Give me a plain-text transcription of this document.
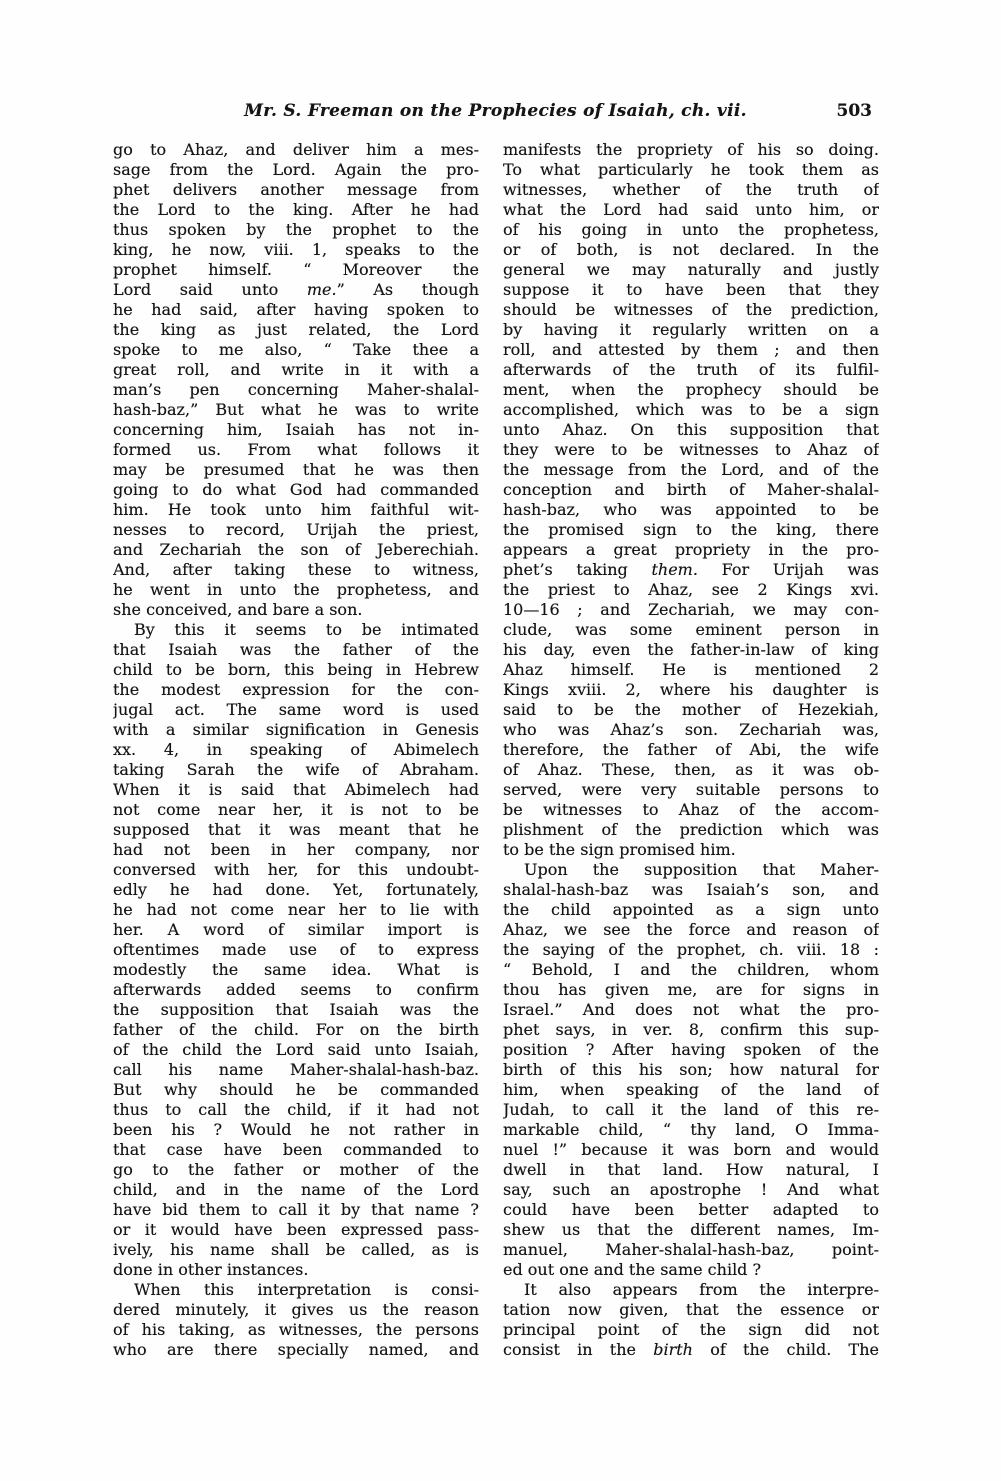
Mr. S. Freeman on the Prophecies of Isaiah, ch. vii.	503
go to Ahaz, and deliver him a mes-
sage from the Lord. Again the pro-
phet delivers another message from
the Lord to the king. After he had
thus spoken by the prophet to the
king, he now, viii. 1, speaks to the
prophet himself. “ Moreover the
Lord said unto me.” As though
he had said, after having spoken to
the king as just related, the Lord
spoke to me also, “ Take thee a
great roll, and write in it with a
man’s pen concerning Maher-shalal-
hash-baz,” But what he was to write
concerning him, Isaiah has not in-
formed us. From what follows it
may be presumed that he was then
going to do what God had commanded
him. He took unto him faithful wit-
nesses to record, Urijah the priest,
and Zechariah the son of Jeberechiah.
And, after taking these to witness,
he went in unto the prophetess, and
she conceived, and bare a son.
By this it seems to be intimated
that Isaiah was the father of the
child to be born, this being in Hebrew
the modest expression for the con-
jugal act. The same word is used
with a similar signification in Genesis
xx. 4, in speaking of Abimelech
taking Sarah the wife of Abraham.
When it is said that Abimelech had
not come near her, it is not to be
supposed that it was meant that he
had not been in her company, nor
conversed with her, for this undoubt-
edly he had done. Yet, fortunately,
he had not come near her to lie with
her. A word of similar import is
oftentimes made use of to express
modestly the same idea. What is
afterwards added seems to confirm
the supposition that Isaiah was the
father of the child. For on the birth
of the child the Lord said unto Isaiah,
call his name Maher-shalal-hash-baz.
But why should he be commanded
thus to call the child, if it had not
been his ? Would he not rather in
that case have been commanded to
go to the father or mother of the
child, and in the name of the Lord
have bid them to call it by that name ?
or it would have been expressed pass-
ively, his name shall be called, as is
done in other instances.
When this interpretation is consi-
dered minutely, it gives us the reason
of his taking, as witnesses, the persons
who are there specially named, and
manifests the propriety of his so doing.
To what particularly he took them as
witnesses, whether of the truth of
what the Lord had said unto him, or
of his going in unto the prophetess,
or of both, is not declared. In the
general we may naturally and justly
suppose it to have been that they
should be witnesses of the prediction,
by having it regularly written on a
roll, and attested by them ; and then
afterwards of the truth of its fulfil-
ment, when the prophecy should be
accomplished, which was to be a sign
unto Ahaz. On this supposition that
they were to be witnesses to Ahaz of
the message from the Lord, and of the
conception and birth of Maher-shalal-
hash-baz, who was appointed to be
the promised sign to the king, there
appears a great propriety in the pro-
phet’s taking them. For Urijah was
the priest to Ahaz, see 2 Kings xvi.
10—16 ; and Zechariah, we may con-
clude, was some eminent person in
his day, even the father-in-law of king
Ahaz himself. He is mentioned 2
Kings xviii. 2, where his daughter is
said to be the mother of Hezekiah,
who was Ahaz’s son. Zechariah was,
therefore, the father of Abi, the wife
of Ahaz. These, then, as it was ob-
served, were very suitable persons to
be witnesses to Ahaz of the accom-
plishment of the prediction which was
to be the sign promised him.
Upon the supposition that Maher-
shalal-hash-baz was Isaiah’s son, and
the child appointed as a sign unto
Ahaz, we see the force and reason of
the saying of the prophet, ch. viii. 18 :
“ Behold, I and the children, whom
thou has given me, are for signs in
Israel.” And does not what the pro-
phet says, in ver. 8, confirm this sup-
position ? After having spoken of the
birth of this his son; how natural for
him, when speaking of the land of
Judah, to call it the land of this re-
markable child, “ thy land, O Imma-
nuel !” because it was born and would
dwell in that land. How natural, I
say, such an apostrophe ! And what
could have been better adapted to
shew us that the different names, Im-
manuel, Maher-shalal-hash-baz, point-
ed out one and the same child ?
It also appears from the interpre-
tation now given, that the essence or
principal point of the sign did not
consist in the birth of the child. The
